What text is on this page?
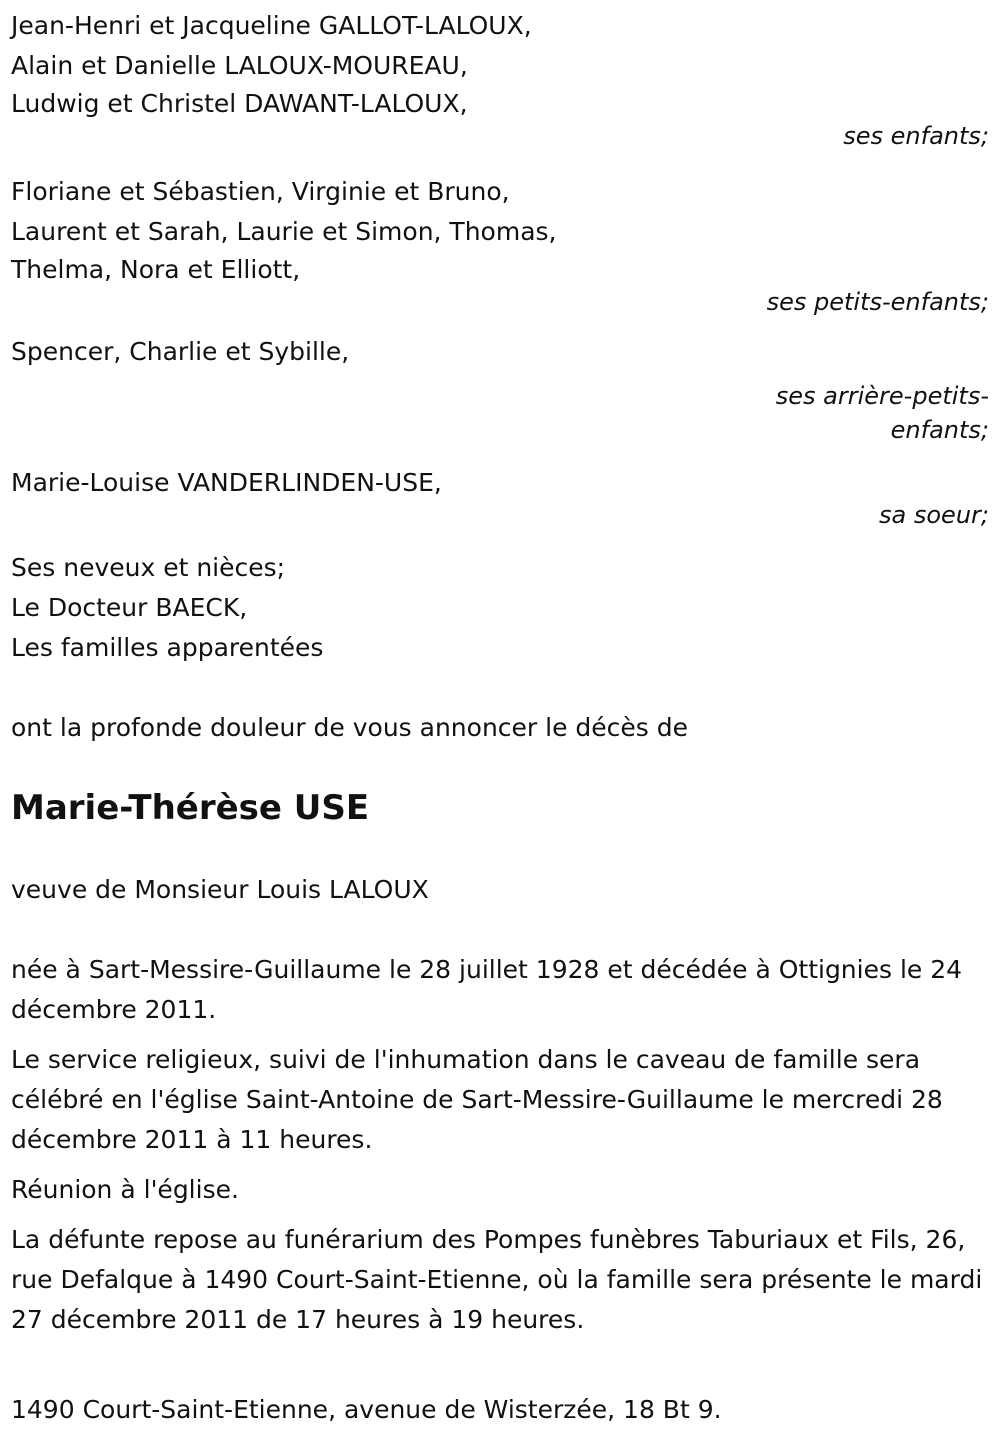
Jean-Henri et Jacqueline GALLOT-LALOUX,
Alain et Danielle LALOUX-MOUREAU,
Ludwig et Christel DAWANT-LALOUX,
ses enfants;
Floriane et Sébastien, Virginie et Bruno,
Laurent et Sarah, Laurie et Simon, Thomas,
Thelma, Nora et Elliott,
ses petits-enfants;
Spencer, Charlie et Sybille,
ses arrière-petits-
enfants;
Marie-Louise VANDERLINDEN-USE,
sa soeur;
Ses neveux et nièces;
Le Docteur BAECK,
Les familles apparentées
ont la profonde douleur de vous annoncer le décès de
Marie-Thérèse USE
veuve de Monsieur Louis LALOUX

née à Sart-Messire-Guillaume le 28 juillet 1928 et décédée à Ottignies le 24 décembre 2011.

Le service religieux, suivi de l'inhumation dans le caveau de famille sera célébré en l'église Saint-Antoine de Sart-Messire-Guillaume le mercredi 28 décembre 2011 à 11 heures.

Réunion à l'église.

La défunte repose au funérarium des Pompes funèbres Taburiaux et Fils, 26, rue Defalque à 1490 Court-Saint-Etienne, où la famille sera présente le mardi 27 décembre 2011 de 17 heures à 19 heures.

1490 Court-Saint-Etienne, avenue de Wisterzée, 18 Bt 9.
